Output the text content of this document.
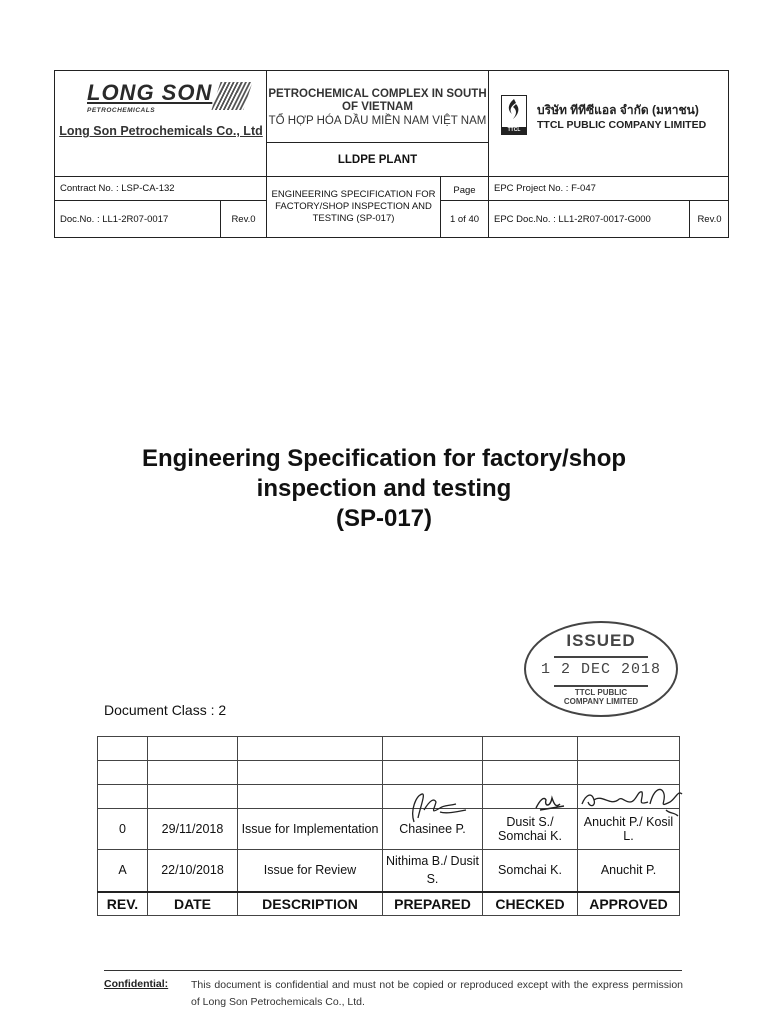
LONG SON
PETROCHEMICALS
Long Son Petrochemicals Co., Ltd
PETROCHEMICAL COMPLEX IN SOUTH OF VIETNAM
TỔ HỢP HÓA DẦU MIỀN NAM VIỆT NAM
LLDPE PLANT
TTCL
บริษัท ทีทีซีแอล จำกัด (มหาชน)
TTCL PUBLIC COMPANY LIMITED
Contract No. : LSP-CA-132
Doc.No. : LL1-2R07-0017	Rev.0
ENGINEERING SPECIFICATION FOR FACTORY/SHOP INSPECTION AND TESTING (SP-017)
Page
1 of 40
EPC Project No. : F-047
EPC Doc.No. : LL1-2R07-0017-G000	Rev.0
Engineering Specification for factory/shop
inspection and testing
(SP-017)
ISSUED
1 2 DEC 2018
TTCL PUBLIC
COMPANY LIMITED
Document Class : 2

0	29/11/2018	Issue for Implementation	Chasinee P.	Dusit S./ Somchai K.	Anuchit P./ Kosil L.
A	22/10/2018	Issue for Review	Nithima B./ Dusit S.	Somchai K.	Anuchit P.
REV.	DATE	DESCRIPTION	PREPARED	CHECKED	APPROVED
Confidential: This document is confidential and must not be copied or reproduced except with the express permission of Long Son Petrochemicals Co., Ltd.
